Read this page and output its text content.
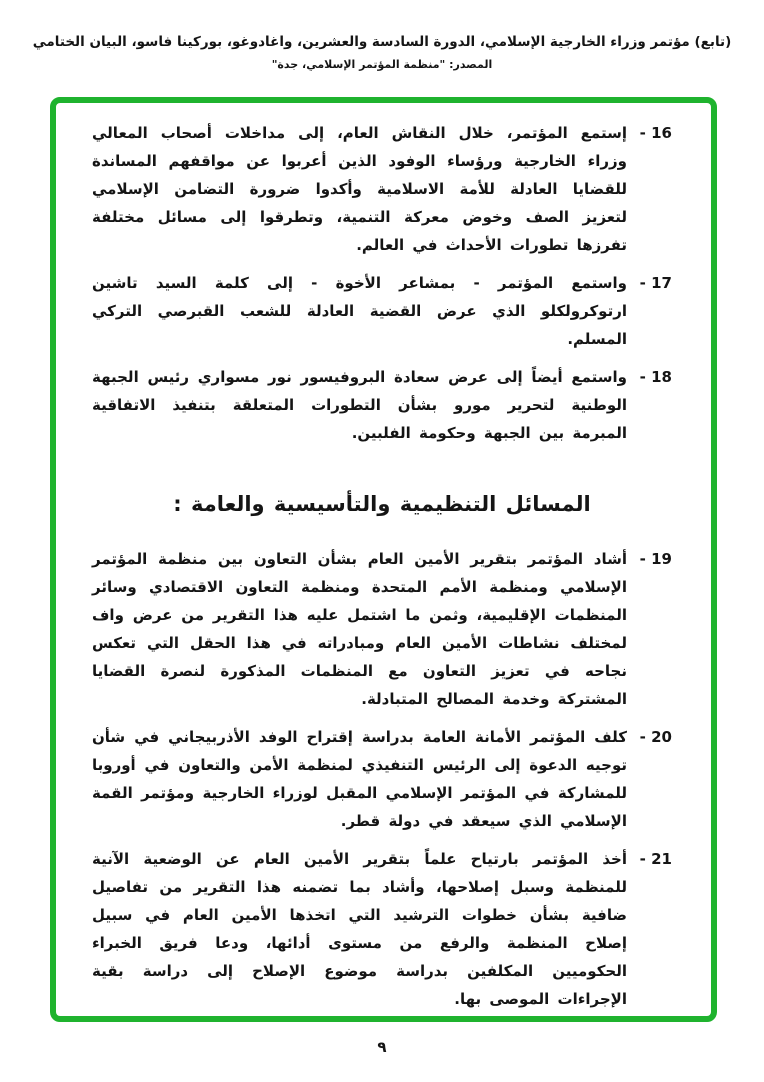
(تابع) مؤتمر وزراء الخارجية الإسلامي، الدورة السادسة والعشرين، واغادوغو، بوركينا فاسو، البيان الختامي
المصدر: "منظمة المؤتمر الإسلامي، جدة"
16 -
إستمع المؤتمر، خلال النقاش العام، إلى مداخلات أصحاب المعالي وزراء الخارجية ورؤساء الوفود الذين أعربوا عن مواقفهم المساندة للقضايا العادلة للأمة الاسلامية وأكدوا ضرورة التضامن الإسلامي لتعزيز الصف وخوض معركة التنمية، وتطرقوا إلى مسائل مختلفة تفرزها تطورات الأحداث في العالم.
17 -
واستمع المؤتمر - بمشاعر الأخوة - إلى كلمة السيد تاشين ارتوكرولكلو الذي عرض القضية العادلة للشعب القبرصي التركي المسلم.
18 -
واستمع أيضاً إلى عرض سعادة البروفيسور نور مسواري رئيس الجبهة الوطنية لتحرير مورو بشأن التطورات المتعلقة بتنفيذ الاتفاقية المبرمة بين الجبهة وحكومة الفلبين.
المسائل التنظيمية والتأسيسية والعامة :
19 -
أشاد المؤتمر بتقرير الأمين العام بشأن التعاون بين منظمة المؤتمر الإسلامي ومنظمة الأمم المتحدة ومنظمة التعاون الاقتصادي وسائر المنظمات الإقليمية، وثمن ما اشتمل عليه هذا التقرير من عرض واف لمختلف نشاطات الأمين العام ومبادراته في هذا الحقل التي تعكس نجاحه في تعزيز التعاون مع المنظمات المذكورة لنصرة القضايا المشتركة وخدمة المصالح المتبادلة.
20 -
كلف المؤتمر الأمانة العامة بدراسة إقتراح الوفد الأذربيجاني في شأن توجيه الدعوة إلى الرئيس التنفيذي لمنظمة الأمن والتعاون في أوروبا للمشاركة في المؤتمر الإسلامي المقبل لوزراء الخارجية ومؤتمر القمة الإسلامي الذي سيعقد في دولة قطر.
21 -
أخذ المؤتمر بارتياح علماً بتقرير الأمين العام عن الوضعية الآنية للمنظمة وسبل إصلاحها، وأشاد بما تضمنه هذا التقرير من تفاصيل ضافية بشأن خطوات الترشيد التي اتخذها الأمين العام في سبيل إصلاح المنظمة والرفع من مستوى أدائها، ودعا فريق الخبراء الحكوميين المكلفين بدراسة موضوع الإصلاح إلى دراسة بقية الإجراءات الموصى بها.
٩
